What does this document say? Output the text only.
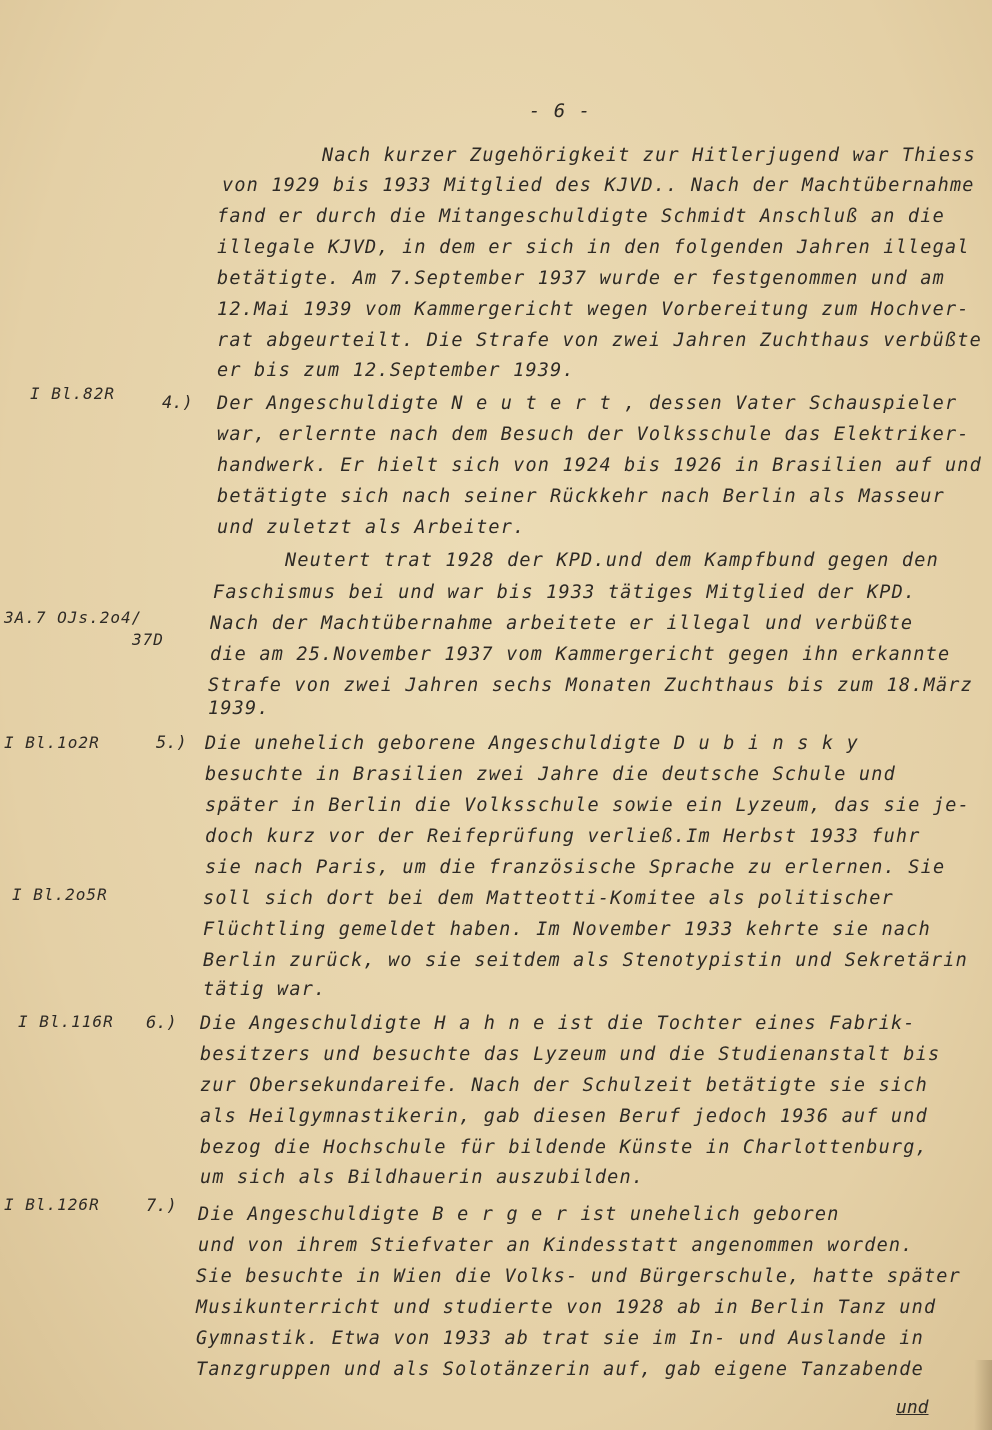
- 6 -
Nach kurzer Zugehörigkeit zur Hitlerjugend war Thiess
von 1929 bis 1933 Mitglied des KJVD.. Nach der Machtübernahme
fand er durch die Mitangeschuldigte Schmidt Anschluß an die
illegale KJVD, in dem er sich in den folgenden Jahren illegal
betätigte. Am 7.September 1937 wurde er festgenommen und am
12.Mai 1939 vom Kammergericht wegen Vorbereitung zum Hochver-
rat abgeurteilt. Die Strafe von zwei Jahren Zuchthaus verbüßte
er bis zum 12.September 1939.
Der Angeschuldigte N e u t e r t , dessen Vater Schauspieler
war, erlernte nach dem Besuch der Volksschule das Elektriker-
handwerk. Er hielt sich von 1924 bis 1926 in Brasilien auf und
betätigte sich nach seiner Rückkehr nach Berlin als Masseur
und zuletzt als Arbeiter.
Neutert trat 1928 der KPD.und dem Kampfbund gegen den
Faschismus bei und war bis 1933 tätiges Mitglied der KPD.
Nach der Machtübernahme arbeitete er illegal und verbüßte
die am 25.November 1937 vom Kammergericht gegen ihn erkannte
Strafe von zwei Jahren sechs Monaten Zuchthaus bis zum 18.März
1939.
Die unehelich geborene Angeschuldigte D u b i n s k y
besuchte in Brasilien zwei Jahre die deutsche Schule und
später in Berlin die Volksschule sowie ein Lyzeum, das sie je-
doch kurz vor der Reifeprüfung verließ.Im Herbst 1933 fuhr
sie nach Paris, um die französische Sprache zu erlernen. Sie
soll sich dort bei dem Matteotti-Komitee als politischer
Flüchtling gemeldet haben. Im November 1933 kehrte sie nach
Berlin zurück, wo sie seitdem als Stenotypistin und Sekretärin
tätig war.
Die Angeschuldigte H a h n e ist die Tochter eines Fabrik-
besitzers und besuchte das Lyzeum und die Studienanstalt bis
zur Obersekundareife. Nach der Schulzeit betätigte sie sich
als Heilgymnastikerin, gab diesen Beruf jedoch 1936 auf und
bezog die Hochschule für bildende Künste in Charlottenburg,
um sich als Bildhauerin auszubilden.
Die Angeschuldigte B e r g e r ist unehelich geboren
und von ihrem Stiefvater an Kindesstatt angenommen worden.
Sie besuchte in Wien die Volks- und Bürgerschule, hatte später
Musikunterricht und studierte von 1928 ab in Berlin Tanz und
Gymnastik. Etwa von 1933 ab trat sie im In- und Auslande in
Tanzgruppen und als Solotänzerin auf, gab eigene Tanzabende
4.)
5.)
6.)
7.)
I Bl.82R
3A.7 OJs.2o4/
37D
I Bl.1o2R
I Bl.2o5R
I Bl.116R
I Bl.126R
und
